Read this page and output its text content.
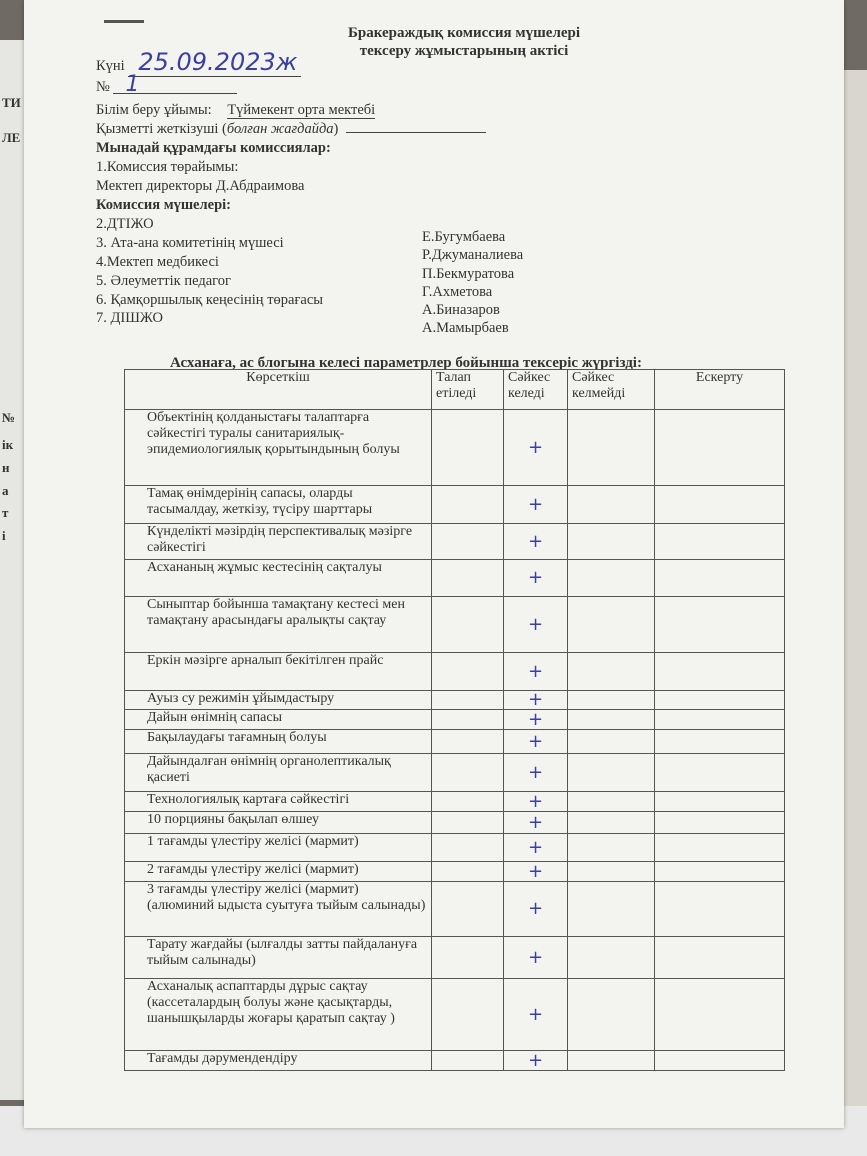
ТИ
ЛЕ
№
ік
н
а
т
і
Бракераждық комиссия мүшелері
тексеру жұмыстарының актісі
Күні 25.09.2023ж
№ 1
Білім беру ұйымы: Түймекент орта мектебі
Қызметті жеткізуші (болған жағдайда)
Мынадай құрамдағы комиссиялар:
1.Комиссия төрайымы:
Мектеп директоры Д.Абдраимова
Комиссия мүшелері:
2.ДТІЖО
3. Ата-ана комитетінің мүшесі
4.Мектеп медбикесі
5. Әлеуметтік педагог
6. Қамқоршылық кеңесінің төрағасы
7. ДІШЖО
Е.Бугумбаева
Р.Джуманалиева
П.Бекмуратова
Г.Ахметова
А.Биназаров
А.Мамырбаев
Асханаға, ас блогына келесі параметрлер бойынша тексеріс жүргізді:
Көрсеткіш	Талап етіледі	Сәйкес келеді	Сәйкес келмейді	Ескерту
Объектінің қолданыстағы талаптарға сәйкестігі туралы санитариялық-эпидемиологиялық қорытындының болуы		+		
Тамақ өнімдерінің сапасы, оларды тасымалдау, жеткізу, түсіру шарттары		+		
Күнделікті мәзірдің перспективалық мәзірге сәйкестігі		+		
Асхананың жұмыс кестесінің сақталуы		+		
Сыныптар бойынша тамақтану кестесі мен тамақтану арасындағы аралықты сақтау		+		
Еркін мәзірге арналып бекітілген прайс		+		
Ауыз су режимін ұйымдастыру		+		
Дайын өнімнің сапасы		+		
Бақылаудағы тағамның болуы		+		
Дайындалған өнімнің органолептикалық қасиеті		+		
Технологиялық картаға сәйкестігі		+		
10 порцияны бақылап өлшеу		+		
1 тағамды үлестіру желісі (мармит)		+		
2 тағамды үлестіру желісі (мармит)		+		
3 тағамды үлестіру желісі (мармит) (алюминий ыдыста суытуға тыйым салынады)		+		
Тарату жағдайы (ылғалды затты пайдалануға тыйым салынады)		+		
Асханалық аспаптарды дұрыс сақтау (кассеталардың болуы және қасықтарды, шанышқыларды жоғары қаратып сақтау )		+		
Тағамды дәрумендендіру		+		
